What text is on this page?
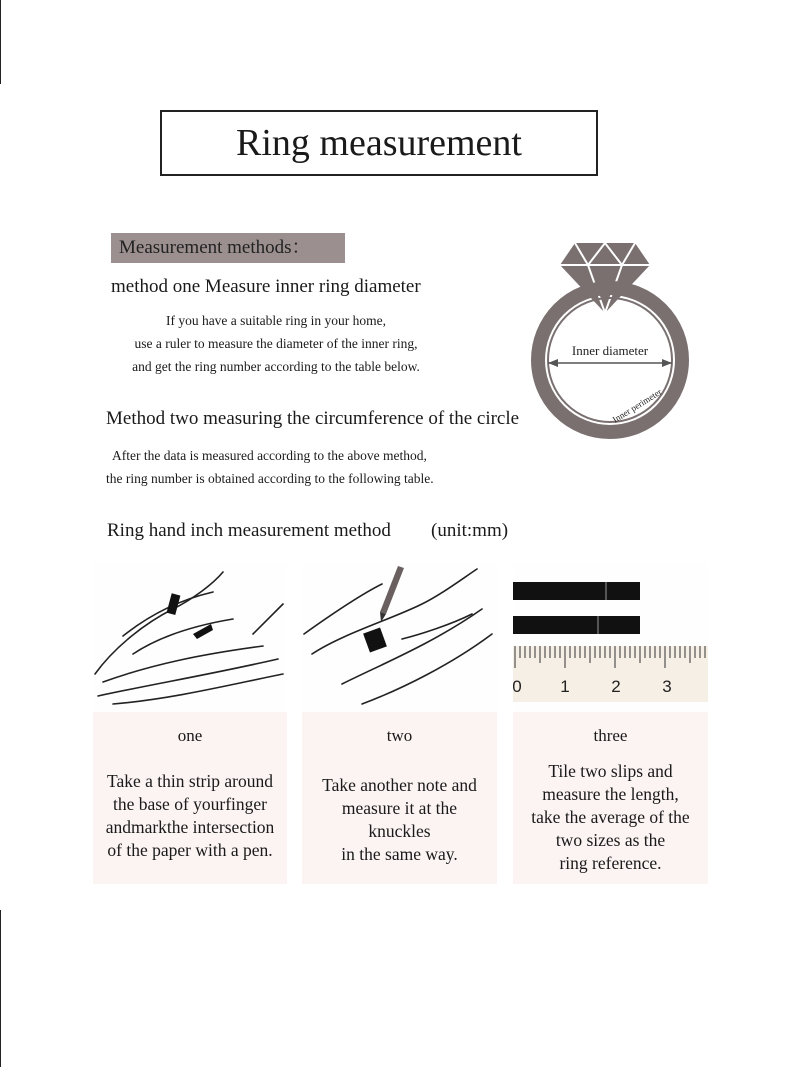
Ring measurement
Measurement methods：
method one Measure inner ring diameter
If you have a suitable ring in your home,
use a ruler to measure the diameter of the inner ring,
and get the ring number according to the table below.
Method two measuring the circumference of the circle
After the data is measured according to the above method,
the ring number is obtained according to the following table.
Ring hand inch measurement method (unit:mm)
Inner diameter
Inner perimeter
0 1 2 3
one
Take a thin strip around
the base of yourfinger
andmarkthe intersection
of the paper with a pen.
two
Take another note and
measure it at the
knuckles
in the same way.
three
Tile two slips and
measure the length,
take the average of the
two sizes as the
ring reference.
